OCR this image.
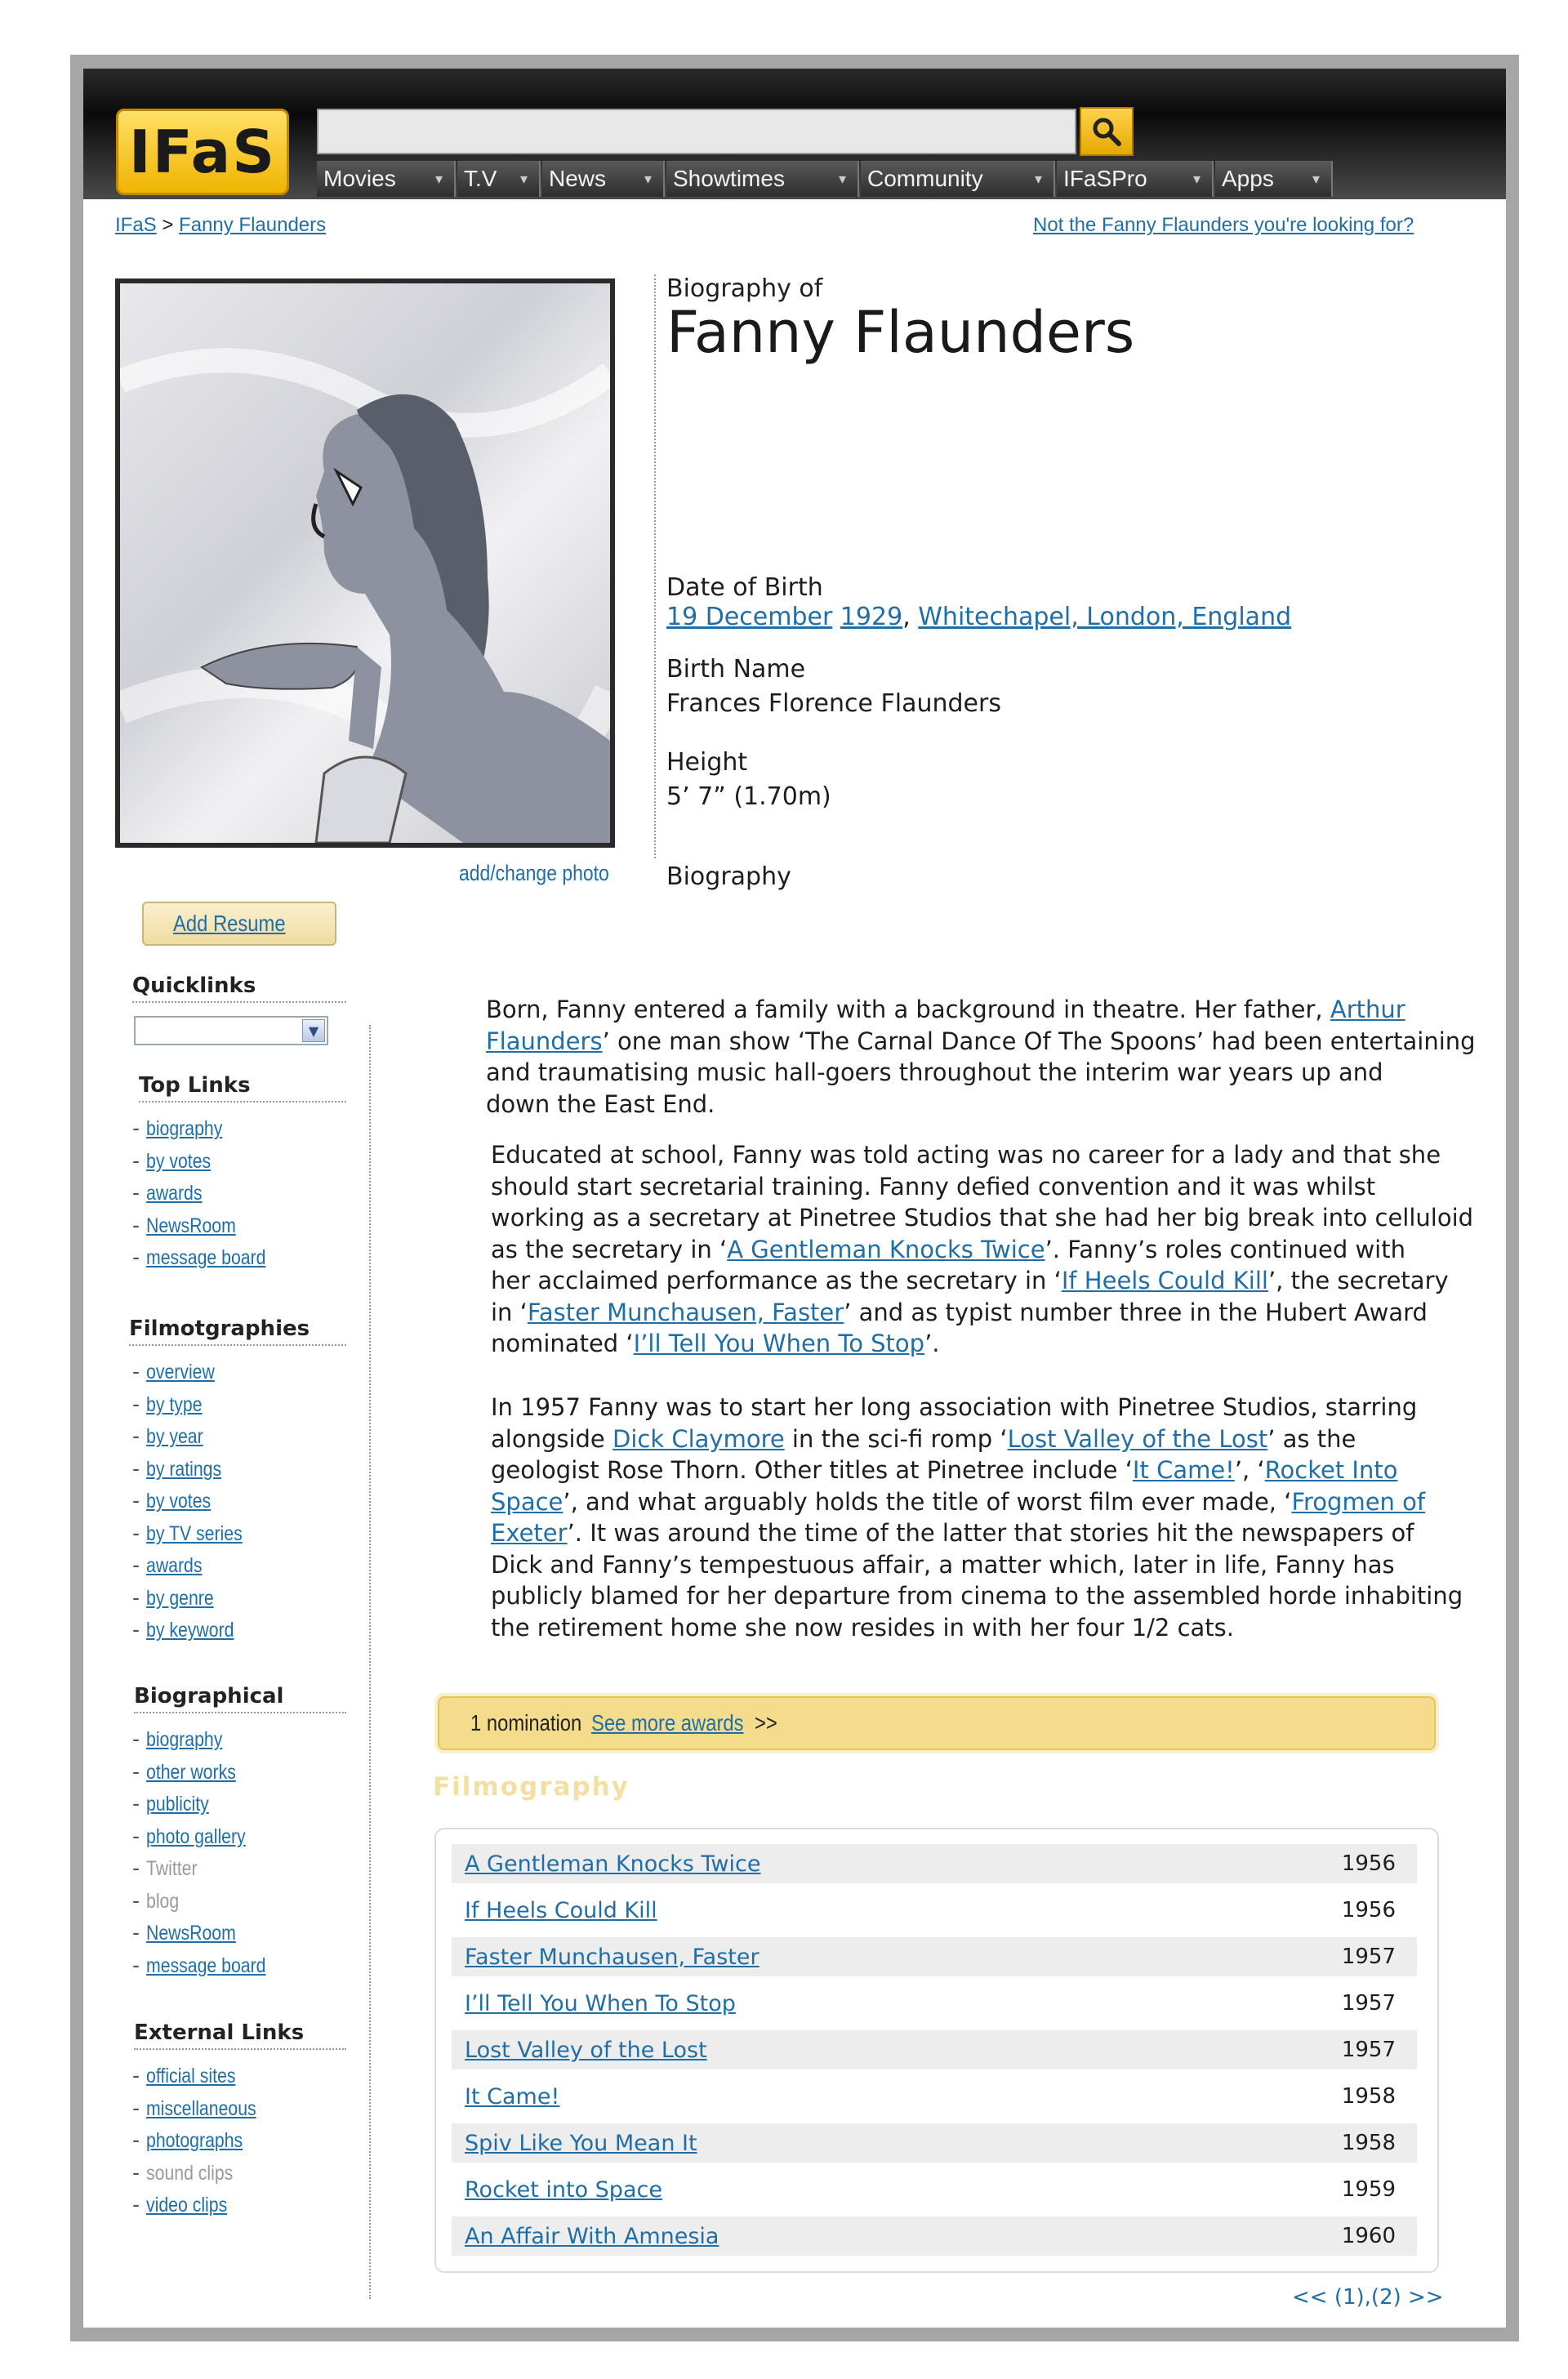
IFaS	Movies	▾ T.V ▾ News	▾ Showtimes	▾ Community	▾ IFaSPro	▾ Apps	▾
IFaS > Fanny Flaunders	Not the Fanny Flaunders you're looking for?
add/change photo
Add Resume
Biography of
Fanny Flaunders
Date of Birth
19 December 1929, Whitechapel, London, England
Birth Name
Frances Florence Flaunders
Height
5’ 7” (1.70m)
Biography
Quicklinks
▼
Top Links
- biography
- by votes
- awards
- NewsRoom
- message board
Filmotgraphies
- overview
- by type
- by year
- by ratings
- by votes
- by TV series
- awards
- by genre
- by keyword
Biographical
- biography
- other works
- publicity
- photo gallery
- Twitter
- blog
- NewsRoom
- message board
External Links
- official sites
- miscellaneous
- photographs
- sound clips
- video clips
Born, Fanny entered a family with a background in theatre. Her father, Arthur
Flaunders’ one man show ‘The Carnal Dance Of The Spoons’ had been entertaining
and traumatising music hall-goers throughout the interim war years up and
down the East End.
Educated at school, Fanny was told acting was no career for a lady and that she
should start secretarial training. Fanny defied convention and it was whilst
working as a secretary at Pinetree Studios that she had her big break into celluloid
as the secretary in ‘A Gentleman Knocks Twice’. Fanny’s roles continued with
her acclaimed performance as the secretary in ‘If Heels Could Kill’, the secretary
in ‘Faster Munchausen, Faster’ and as typist number three in the Hubert Award
nominated ‘I’ll Tell You When To Stop’.
In 1957 Fanny was to start her long association with Pinetree Studios, starring
alongside Dick Claymore in the sci-fi romp ‘Lost Valley of the Lost’ as the
geologist Rose Thorn. Other titles at Pinetree include ‘It Came!’, ‘Rocket Into
Space’, and what arguably holds the title of worst film ever made, ‘Frogmen of
Exeter’. It was around the time of the latter that stories hit the newspapers of
Dick and Fanny’s tempestuous affair, a matter which, later in life, Fanny has
publicly blamed for her departure from cinema to the assembled horde inhabiting
the retirement home she now resides in with her four 1/2 cats.
1 nomination See more awards >>
Filmography
A Gentleman Knocks Twice	1956
If Heels Could Kill	1956
Faster Munchausen, Faster	1957
I’ll Tell You When To Stop	1957
Lost Valley of the Lost	1957
It Came!	1958
Spiv Like You Mean It	1958
Rocket into Space	1959
An Affair With Amnesia	1960
<< (1),(2) >>
